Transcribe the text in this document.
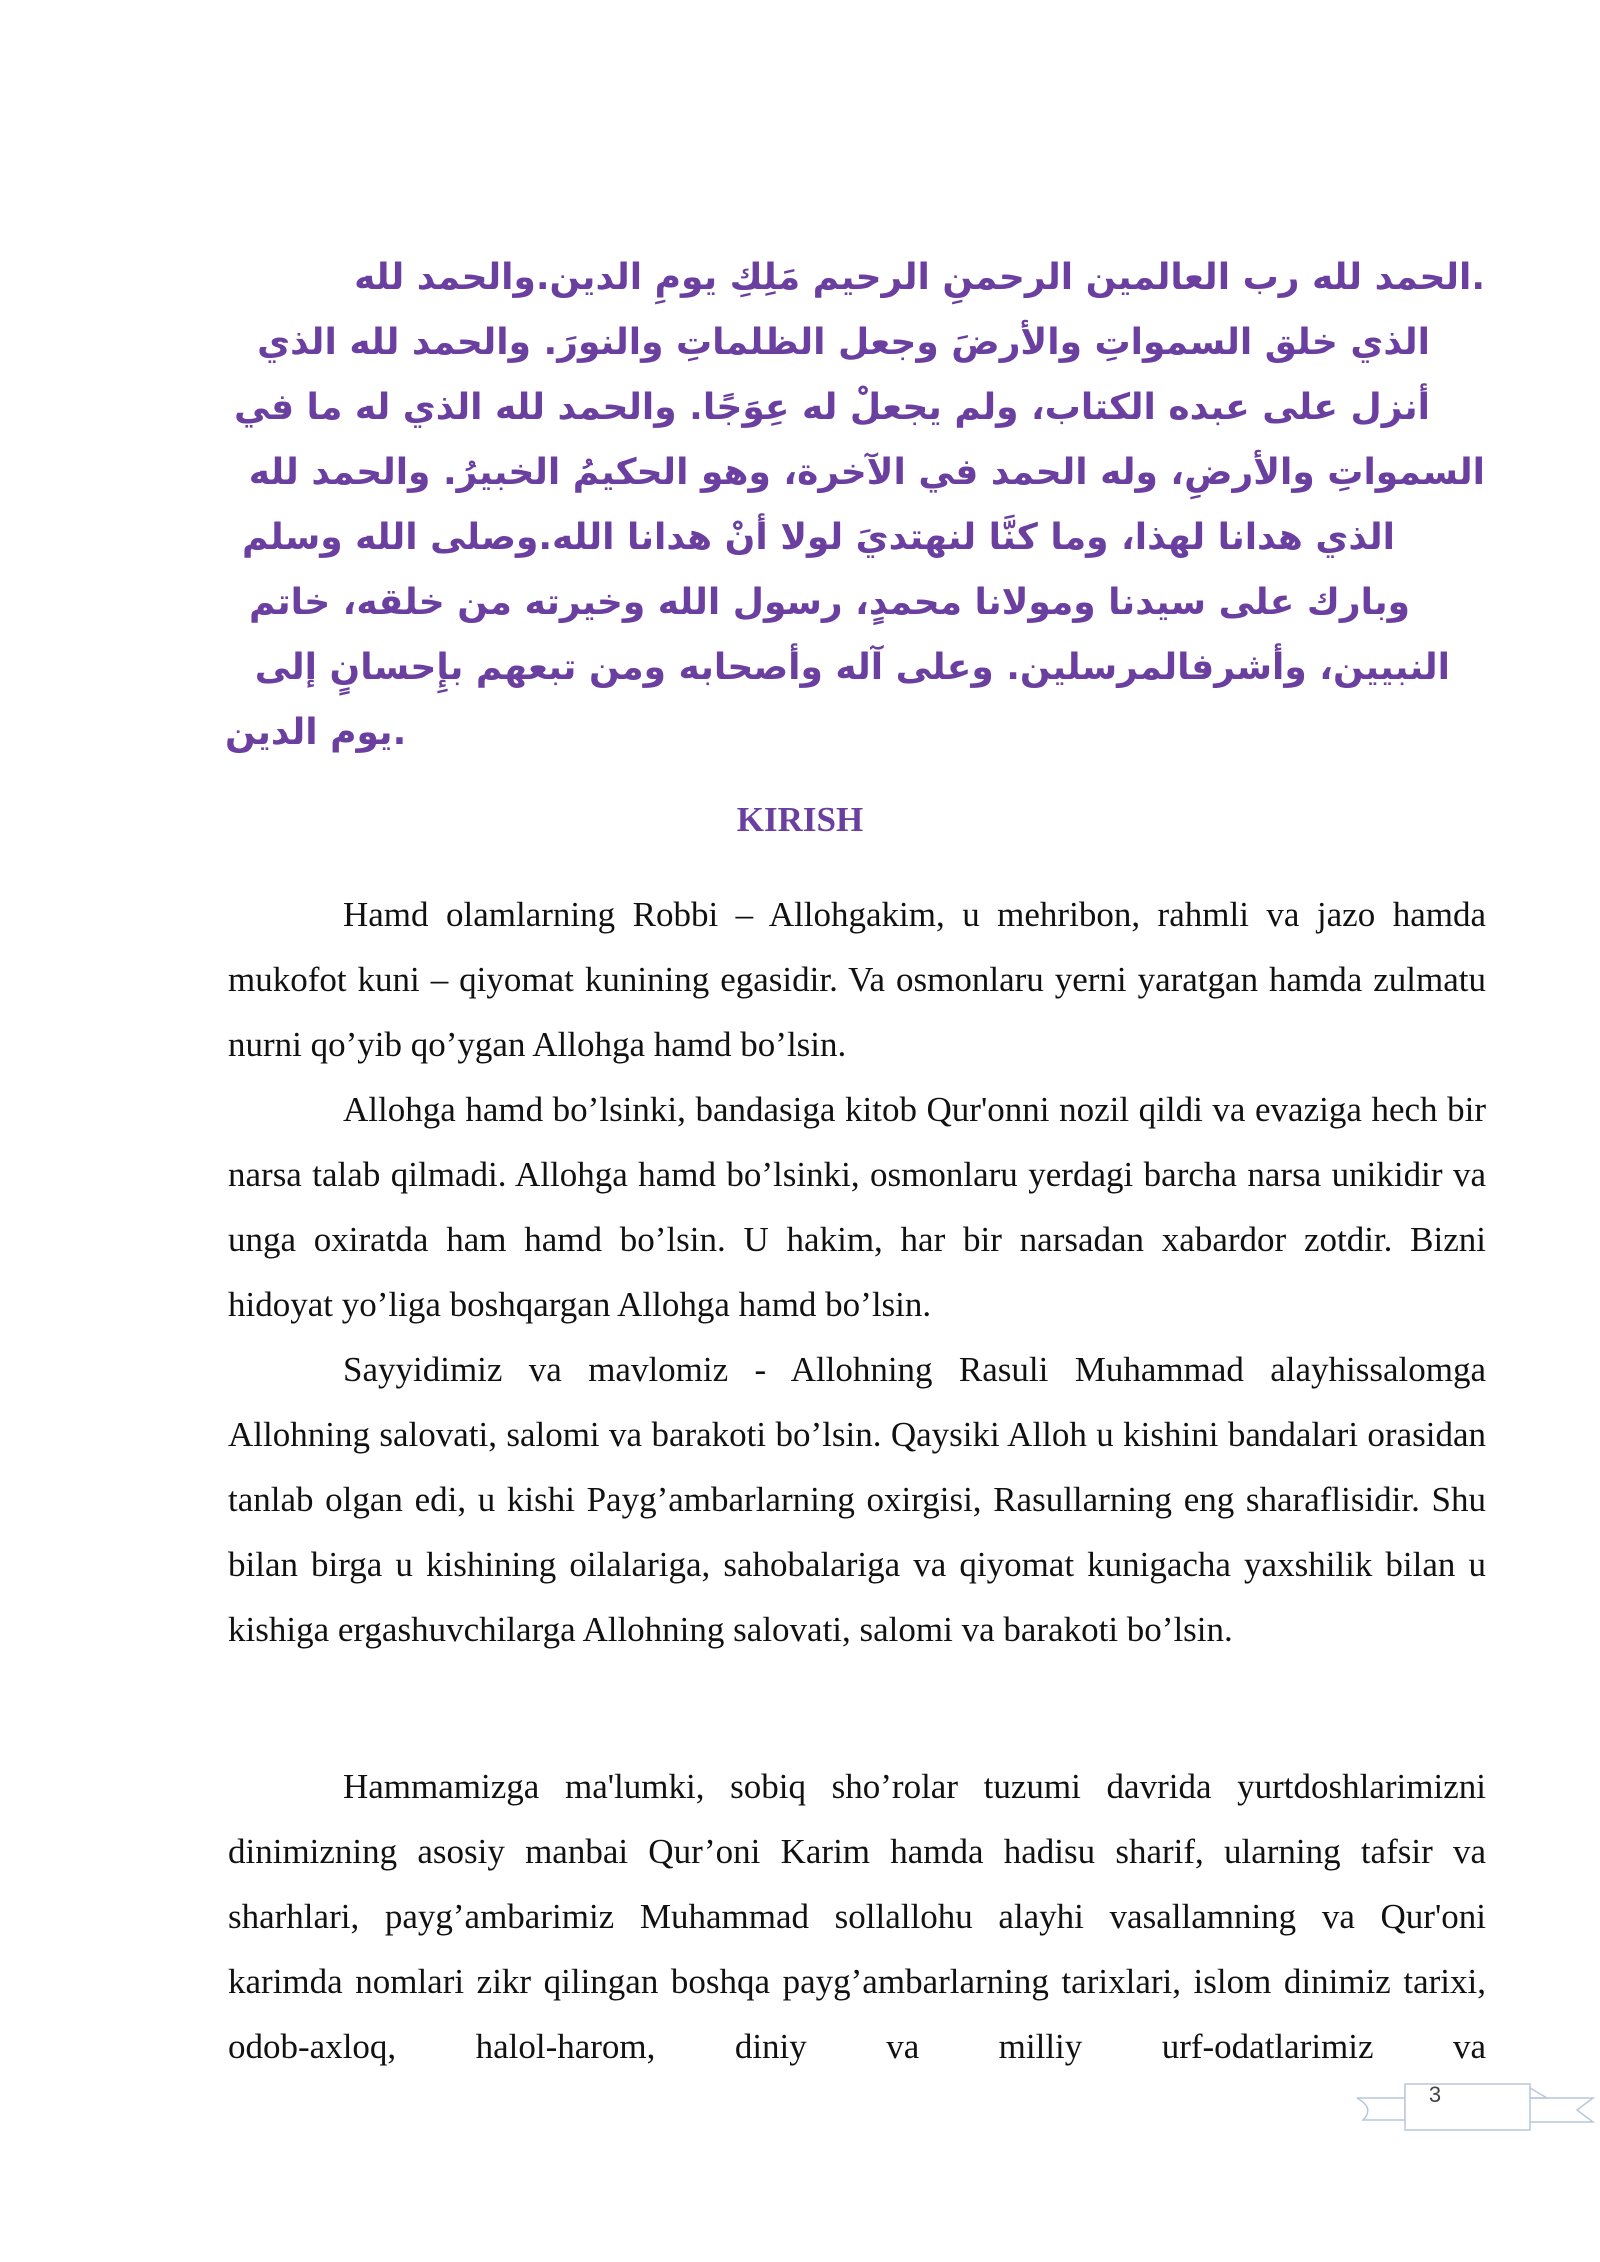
.الحمد لله رب العالمين الرحمنِ الرحيم مَلِكِ يومِ الدين.والحمد لله
الذي خلق السمواتِ والأرضَ وجعل الظلماتِ والنورَ. والحمد لله الذي
أنزل على عبده الكتاب، ولم يجعلْ له عِوَجًا. والحمد لله الذي له ما في
السمواتِ والأرضِ، وله الحمد في الآخرة، وهو الحكيمُ الخبيرُ. والحمد لله
الذي هدانا لهذا، وما كنَّا لنهتديَ لولا أنْ هدانا الله.وصلى الله وسلم
وبارك على سيدنا ومولانا محمدٍ، رسول الله وخيرته من خلقه، خاتم
النبيين، وأشرفالمرسلين. وعلى آله وأصحابه ومن تبعهم بإِحسانٍ إلى
.يوم الدين
KIRISH

Hamd olamlarning Robbi – Allohgakim, u mehribon, rahmli va jazo hamda mukofot kuni – qiyomat kunining egasidir. Va osmonlaru yerni yaratgan hamda zulmatu nurni qo’yib qo’ygan Allohga hamd bo’lsin.

Allohga hamd bo’lsinki, bandasiga kitob Qur'onni nozil qildi va evaziga hech bir narsa talab qilmadi. Allohga hamd bo’lsinki, osmonlaru yerdagi barcha narsa unikidir va unga oxiratda ham hamd bo’lsin. U hakim, har bir narsadan xabardor zotdir. Bizni hidoyat yo’liga boshqargan Allohga hamd bo’lsin.

Sayyidimiz va mavlomiz - Allohning Rasuli Muhammad alayhissalomga Allohning salovati, salomi va barakoti bo’lsin. Qaysiki Alloh u kishini bandalari orasidan tanlab olgan edi, u kishi Payg’ambarlarning oxirgisi, Rasullarning eng sharaflisidir. Shu bilan birga u kishining oilalariga, sahobalariga va qiyomat kunigacha yaxshilik bilan u kishiga ergashuvchilarga Allohning salovati, salomi va barakoti bo’lsin.

Hammamizga ma'lumki, sobiq sho’rolar tuzumi davrida yurtdoshlarimizni dinimizning asosiy manbai Qur’oni Karim hamda hadisu sharif, ularning tafsir va sharhlari, payg’ambarimiz Muhammad sollallohu alayhi vasallamning va Qur'oni karimda nomlari zikr qilingan boshqa payg’ambarlarning tarixlari, islom dinimiz tarixi, odob-axloq, halol-harom, diniy va milliy urf-odatlarimiz va

3
